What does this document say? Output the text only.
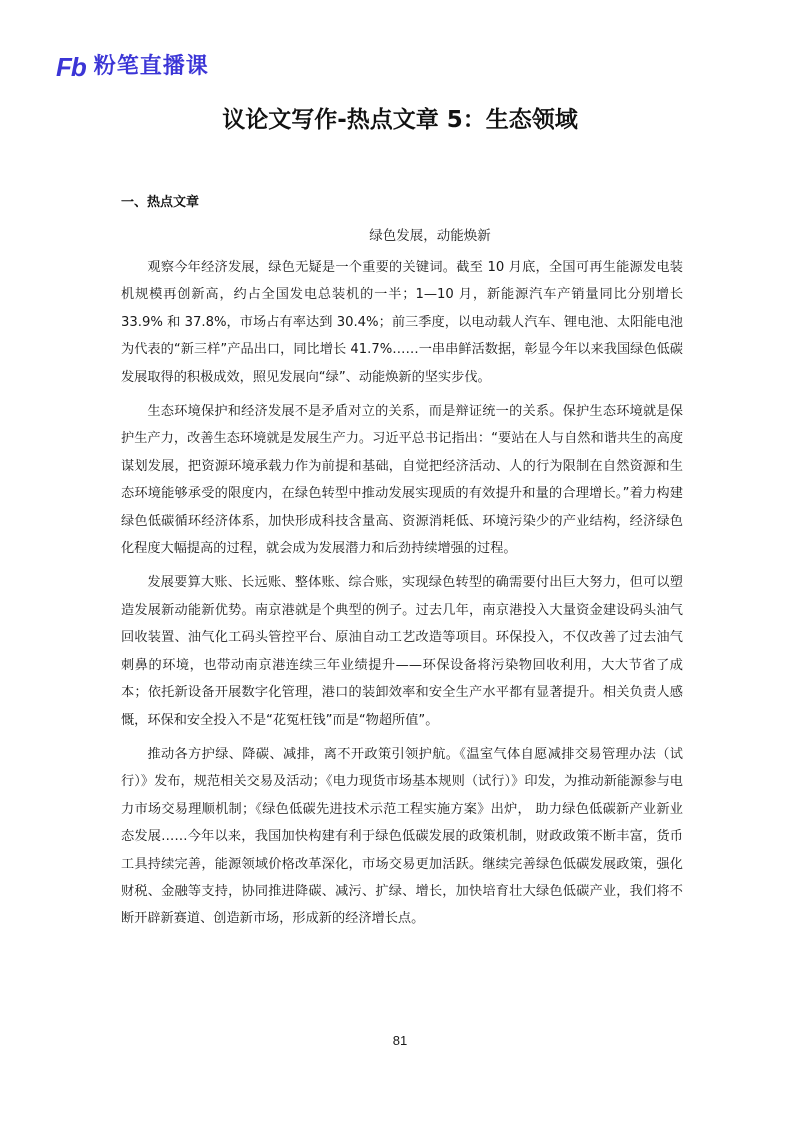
Fb 粉笔直播课
议论文写作-热点文章 5：生态领域
一、热点文章
绿色发展，动能焕新

观察今年经济发展，绿色无疑是一个重要的关键词。截至 10 月底，全国可再生能源发电装机规模再创新高，约占全国发电总装机的一半；1—10 月，新能源汽车产销量同比分别增长 33.9% 和 37.8%，市场占有率达到 30.4%；前三季度，以电动载人汽车、锂电池、太阳能电池为代表的“新三样”产品出口，同比增长 41.7%……一串串鲜活数据，彰显今年以来我国绿色低碳发展取得的积极成效，照见发展向“绿”、动能焕新的坚实步伐。

生态环境保护和经济发展不是矛盾对立的关系，而是辩证统一的关系。保护生态环境就是保护生产力，改善生态环境就是发展生产力。习近平总书记指出：“要站在人与自然和谐共生的高度谋划发展，把资源环境承载力作为前提和基础，自觉把经济活动、人的行为限制在自然资源和生态环境能够承受的限度内，在绿色转型中推动发展实现质的有效提升和量的合理增长。”着力构建绿色低碳循环经济体系，加快形成科技含量高、资源消耗低、环境污染少的产业结构，经济绿色化程度大幅提高的过程，就会成为发展潜力和后劲持续增强的过程。

发展要算大账、长远账、整体账、综合账，实现绿色转型的确需要付出巨大努力，但可以塑造发展新动能新优势。南京港就是个典型的例子。过去几年，南京港投入大量资金建设码头油气回收装置、油气化工码头管控平台、原油自动工艺改造等项目。环保投入，不仅改善了过去油气刺鼻的环境，也带动南京港连续三年业绩提升——环保设备将污染物回收利用，大大节省了成本；依托新设备开展数字化管理，港口的装卸效率和安全生产水平都有显著提升。相关负责人感慨，环保和安全投入不是“花冤枉钱”而是“物超所值”。

推动各方护绿、降碳、减排，离不开政策引领护航。《温室气体自愿减排交易管理办法（试行）》发布，规范相关交易及活动；《电力现货市场基本规则（试行）》印发，为推动新能源参与电力市场交易理顺机制；《绿色低碳先进技术示范工程实施方案》出炉， 助力绿色低碳新产业新业态发展……今年以来，我国加快构建有利于绿色低碳发展的政策机制，财政政策不断丰富，货币工具持续完善，能源领域价格改革深化，市场交易更加活跃。继续完善绿色低碳发展政策，强化财税、金融等支持，协同推进降碳、减污、扩绿、增长，加快培育壮大绿色低碳产业，我们将不断开辟新赛道、创造新市场，形成新的经济增长点。

81
